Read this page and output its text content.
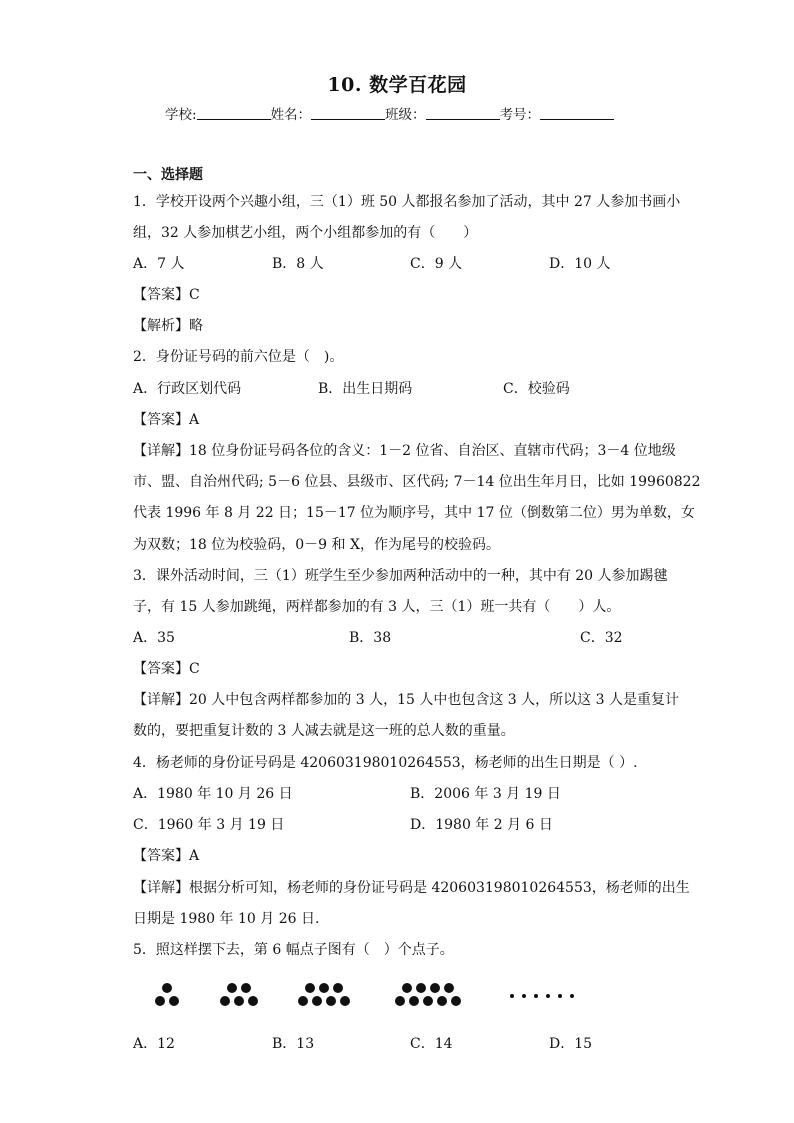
10. 数学百花园
学校:	姓名：	班级：	考号：
一、选择题
1．学校开设两个兴趣小组，三（1）班 50 人都报名参加了活动，其中 27 人参加书画小
组，32 人参加棋艺小组，两个小组都参加的有（　　）
A．7 人	B．8 人	C．9 人	D．10 人
【答案】C
【解析】略
2．身份证号码的前六位是（　)。
A．行政区划代码	B．出生日期码	C．校验码
【答案】A
【详解】18 位身份证号码各位的含义：1－2 位省、自治区、直辖市代码；3－4 位地级
市、盟、自治州代码; 5－6 位县、县级市、区代码; 7－14 位出生年月日，比如 19960822
代表 1996 年 8 月 22 日；15－17 位为顺序号，其中 17 位（倒数第二位）男为单数，女
为双数；18 位为校验码，0－9 和 X，作为尾号的校验码。
3．课外活动时间，三（1）班学生至少参加两种活动中的一种，其中有 20 人参加踢毽
子，有 15 人参加跳绳，两样都参加的有 3 人，三（1）班一共有（　　）人。
A．35	B．38	C．32
【答案】C
【详解】20 人中包含两样都参加的 3 人，15 人中也包含这 3 人，所以这 3 人是重复计
数的，要把重复计数的 3 人减去就是这一班的总人数的重量。
4．杨老师的身份证号码是 420603198010264553，杨老师的出生日期是（ ）.
A．1980 年 10 月 26 日	B．2006 年 3 月 19 日
C．1960 年 3 月 19 日	D．1980 年 2 月 6 日
【答案】A
【详解】根据分析可知，杨老师的身份证号码是 420603198010264553，杨老师的出生
日期是 1980 年 10 月 26 日.
5．照这样摆下去，第 6 幅点子图有（　）个点子。
A．12	B．13	C．14	D．15
